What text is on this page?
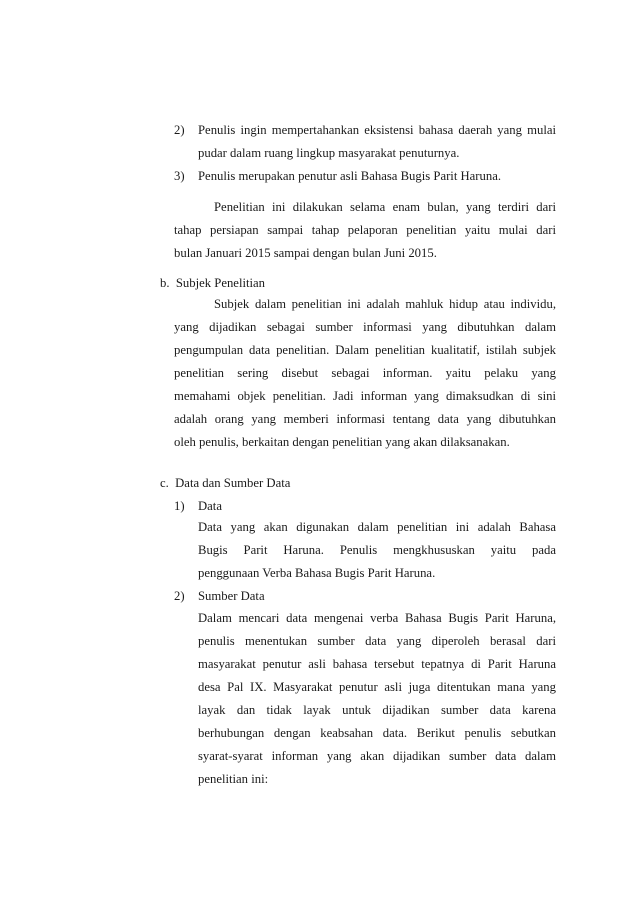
2) Penulis ingin mempertahankan eksistensi bahasa daerah yang mulai
pudar dalam ruang lingkup masyarakat penuturnya.
3) Penulis merupakan penutur asli Bahasa Bugis Parit Haruna.
Penelitian ini dilakukan selama enam bulan, yang terdiri dari
tahap persiapan sampai tahap pelaporan penelitian yaitu mulai dari
bulan Januari 2015 sampai dengan bulan Juni 2015.
b.  Subjek Penelitian
Subjek dalam penelitian ini adalah mahluk hidup atau individu,
yang dijadikan sebagai sumber informasi yang dibutuhkan dalam
pengumpulan data penelitian. Dalam penelitian kualitatif, istilah subjek
penelitian sering disebut sebagai informan. yaitu pelaku yang
memahami objek penelitian. Jadi informan yang dimaksudkan di sini
adalah orang yang memberi informasi tentang data yang dibutuhkan
oleh penulis, berkaitan dengan penelitian yang akan dilaksanakan.
c.  Data dan Sumber Data
1) Data
Data yang akan digunakan dalam penelitian ini adalah Bahasa
Bugis Parit Haruna. Penulis mengkhususkan yaitu pada
penggunaan Verba Bahasa Bugis Parit Haruna.
2) Sumber Data
Dalam mencari data mengenai verba Bahasa Bugis Parit Haruna,
penulis menentukan sumber data yang diperoleh berasal dari
masyarakat penutur asli bahasa tersebut tepatnya di Parit Haruna
desa Pal IX. Masyarakat penutur asli juga ditentukan mana yang
layak dan tidak layak untuk dijadikan sumber data karena
berhubungan dengan keabsahan data. Berikut penulis sebutkan
syarat-syarat informan yang akan dijadikan sumber data dalam
penelitian ini:
